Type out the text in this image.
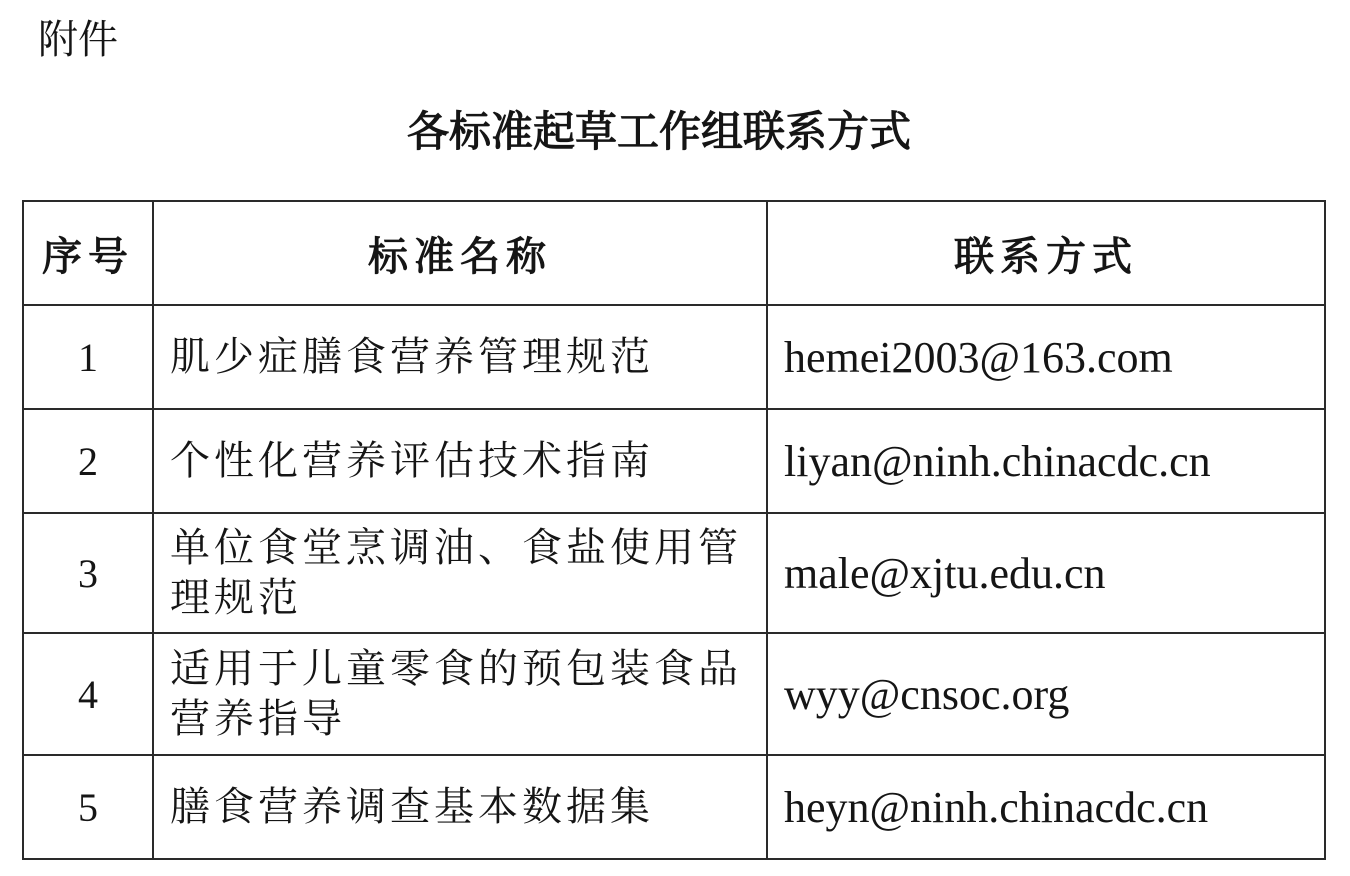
附件
各标准起草工作组联系方式
序号	标准名称	联系方式
1	肌少症膳食营养管理规范	hemei2003@163.com
2	个性化营养评估技术指南	liyan@ninh.chinacdc.cn
3	单位食堂烹调油、食盐使用管理规范	male@xjtu.edu.cn
4	适用于儿童零食的预包装食品营养指导	wyy@cnsoc.org
5	膳食营养调查基本数据集	heyn@ninh.chinacdc.cn
